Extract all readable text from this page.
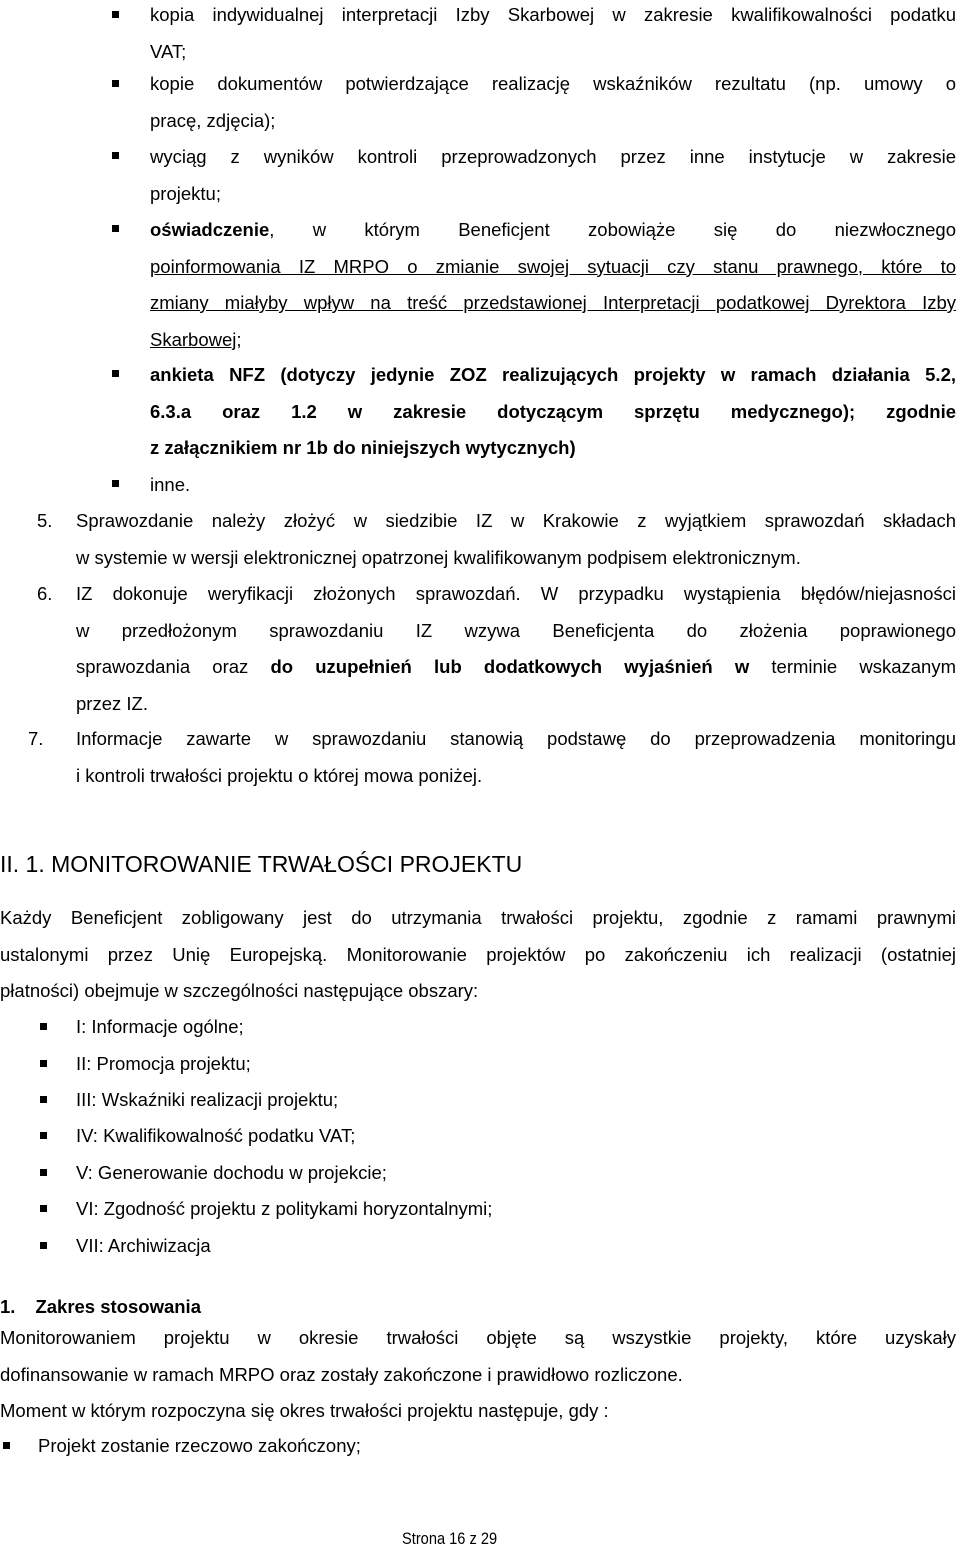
kopia indywidualnej interpretacji Izby Skarbowej w zakresie kwalifikowalności podatku
VAT;
kopie dokumentów potwierdzające realizację wskaźników rezultatu (np. umowy o
pracę, zdjęcia);
wyciąg z wyników kontroli przeprowadzonych przez inne instytucje w zakresie
projektu;
oświadczenie, w którym Beneficjent zobowiąże się do niezwłocznego
poinformowania IZ MRPO o zmianie swojej sytuacji czy stanu prawnego, które to
zmiany miałyby wpływ na treść przedstawionej Interpretacji podatkowej Dyrektora Izby
Skarbowej;
ankieta NFZ (dotyczy jedynie ZOZ realizujących projekty w ramach działania 5.2,
6.3.a oraz 1.2 w zakresie dotyczącym sprzętu medycznego); zgodnie
z załącznikiem nr 1b do niniejszych wytycznych)
inne.
5. Sprawozdanie należy złożyć w siedzibie IZ w Krakowie z wyjątkiem sprawozdań składach
w systemie w wersji elektronicznej opatrzonej kwalifikowanym podpisem elektronicznym.
6. IZ dokonuje weryfikacji złożonych sprawozdań. W przypadku wystąpienia błędów/niejasności
w przedłożonym sprawozdaniu IZ wzywa Beneficjenta do złożenia poprawionego
sprawozdania oraz do uzupełnień lub dodatkowych wyjaśnień w terminie wskazanym
przez IZ.
7. Informacje zawarte w sprawozdaniu stanowią podstawę do przeprowadzenia monitoringu
i kontroli trwałości projektu o której mowa poniżej.
II. 1. MONITOROWANIE TRWAŁOŚCI PROJEKTU
Każdy Beneficjent zobligowany jest do utrzymania trwałości projektu, zgodnie z ramami prawnymi
ustalonymi przez Unię Europejską. Monitorowanie projektów po zakończeniu ich realizacji (ostatniej
płatności) obejmuje w szczególności następujące obszary:
I: Informacje ogólne;
II: Promocja projektu;
III: Wskaźniki realizacji projektu;
IV: Kwalifikowalność podatku VAT;
V: Generowanie dochodu w projekcie;
VI: Zgodność projektu z politykami horyzontalnymi;
VII: Archiwizacja
1. Zakres stosowania
Monitorowaniem projektu w okresie trwałości objęte są wszystkie projekty, które uzyskały
dofinansowanie w ramach MRPO oraz zostały zakończone i prawidłowo rozliczone.
Moment w którym rozpoczyna się okres trwałości projektu następuje, gdy :
Projekt zostanie rzeczowo zakończony;
Strona 16 z 29
